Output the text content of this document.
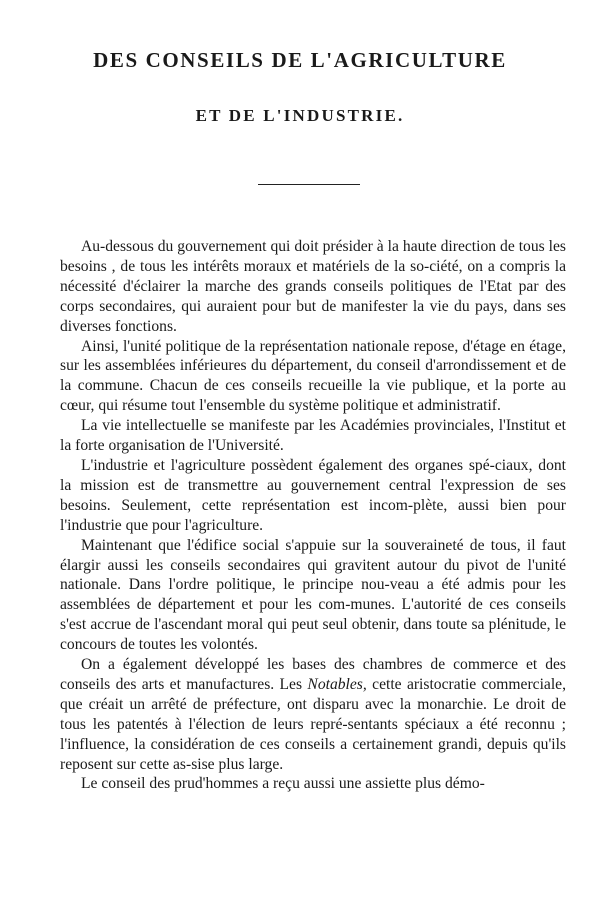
DES CONSEILS DE L'AGRICULTURE
ET DE L'INDUSTRIE.

Au-dessous du gouvernement qui doit présider à la haute direction de tous les besoins , de tous les intérêts moraux et matériels de la so-ciété, on a compris la nécessité d'éclairer la marche des grands conseils politiques de l'Etat par des corps secondaires, qui auraient pour but de manifester la vie du pays, dans ses diverses fonctions.

Ainsi, l'unité politique de la représentation nationale repose, d'étage en étage, sur les assemblées inférieures du département, du conseil d'arrondissement et de la commune. Chacun de ces conseils recueille la vie publique, et la porte au cœur, qui résume tout l'ensemble du système politique et administratif.

La vie intellectuelle se manifeste par les Académies provinciales, l'Institut et la forte organisation de l'Université.

L'industrie et l'agriculture possèdent également des organes spé-ciaux, dont la mission est de transmettre au gouvernement central l'expression de ses besoins. Seulement, cette représentation est incom-plète, aussi bien pour l'industrie que pour l'agriculture.

Maintenant que l'édifice social s'appuie sur la souveraineté de tous, il faut élargir aussi les conseils secondaires qui gravitent autour du pivot de l'unité nationale. Dans l'ordre politique, le principe nou-veau a été admis pour les assemblées de département et pour les com-munes. L'autorité de ces conseils s'est accrue de l'ascendant moral qui peut seul obtenir, dans toute sa plénitude, le concours de toutes les volontés.

On a également développé les bases des chambres de commerce et des conseils des arts et manufactures. Les Notables, cette aristocratie commerciale, que créait un arrêté de préfecture, ont disparu avec la monarchie. Le droit de tous les patentés à l'élection de leurs repré-sentants spéciaux a été reconnu ; l'influence, la considération de ces conseils a certainement grandi, depuis qu'ils reposent sur cette as-sise plus large.

Le conseil des prud'hommes a reçu aussi une assiette plus démo-
